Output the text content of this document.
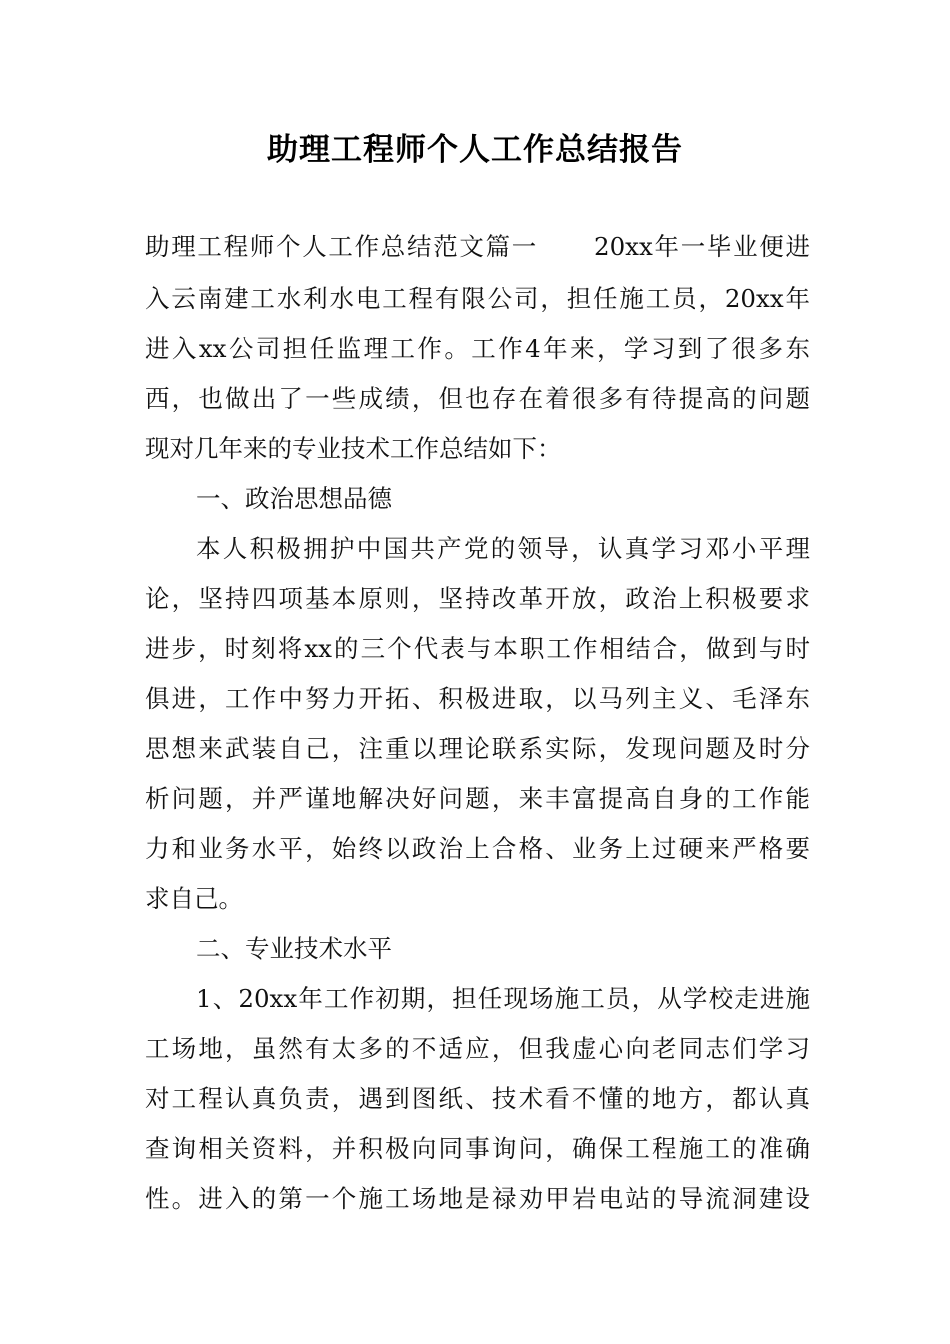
助理工程师个人工作总结报告
助理工程师个人工作总结范文篇一 20xx年一毕业便进
入云南建工水利水电工程有限公司，担任施工员，20xx年
进入xx公司担任监理工作。工作4年来，学习到了很多东
西，也做出了一些成绩，但也存在着很多有待提高的问题
现对几年来的专业技术工作总结如下：
一、政治思想品德
本人积极拥护中国共产党的领导，认真学习邓小平理
论，坚持四项基本原则，坚持改革开放，政治上积极要求
进步，时刻将xx的三个代表与本职工作相结合，做到与时
俱进，工作中努力开拓、积极进取，以马列主义、毛泽东
思想来武装自己，注重以理论联系实际，发现问题及时分
析问题，并严谨地解决好问题，来丰富提高自身的工作能
力和业务水平，始终以政治上合格、业务上过硬来严格要
求自己。
二、专业技术水平
1、20xx年工作初期，担任现场施工员，从学校走进施
工场地，虽然有太多的不适应，但我虚心向老同志们学习
对工程认真负责，遇到图纸、技术看不懂的地方，都认真
查询相关资料，并积极向同事询问，确保工程施工的准确
性。进入的第一个施工场地是禄劝甲岩电站的导流洞建设
